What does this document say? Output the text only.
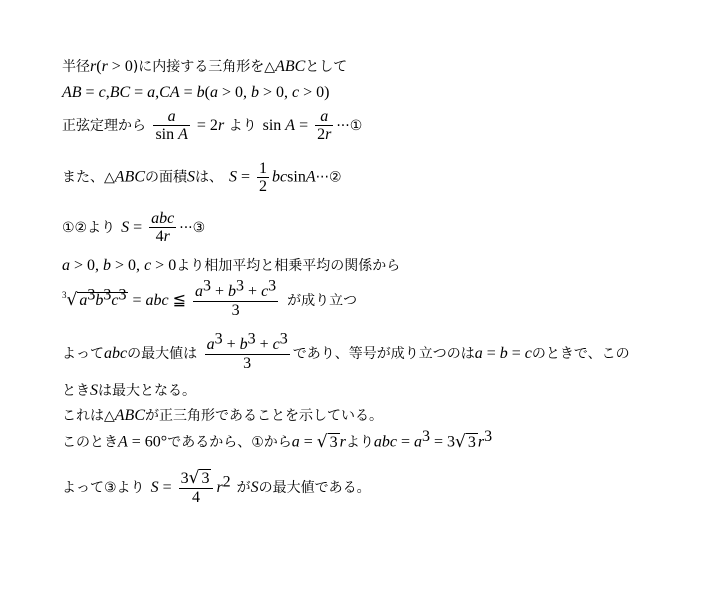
半径r(r > 0)に内接する三角形を△ABCとして
AB = c,BC = a,CA = b(a > 0, b > 0, c > 0)
正弦定理から $\frac{a}{\text{sin A}} = 2r$ より $\sin A = \frac{a}{2r}$ ···①
また、△ABCの面積Sは、 $S = \frac{1}{2}$ bcsinA···②
①②より $S = \frac{\text{abc}}{4r}$ ···③
a > 0, b > 0, c > 0より相加平均と相乗平均の関係から
$^3$√ $a^3b^3c^3$ = abc ≦ $\frac{a^3 + b^3 + c^3}{3}$ が成り立つ
よってabcの最大値は $\frac{a^3 + b^3 + c^3}{3}$ であり、等号が成り立つのはa = b = cのときで、この
ときSは最大となる。
これは△ABCが正三角形であることを示している。
このときA = 60°であるから、①からa = √ 3 rよりabc = $a^3 = 3√$ 3 $r^3$
よって③より $S = \frac{3√ 3}{4} r^2$ がSの最大値である。
